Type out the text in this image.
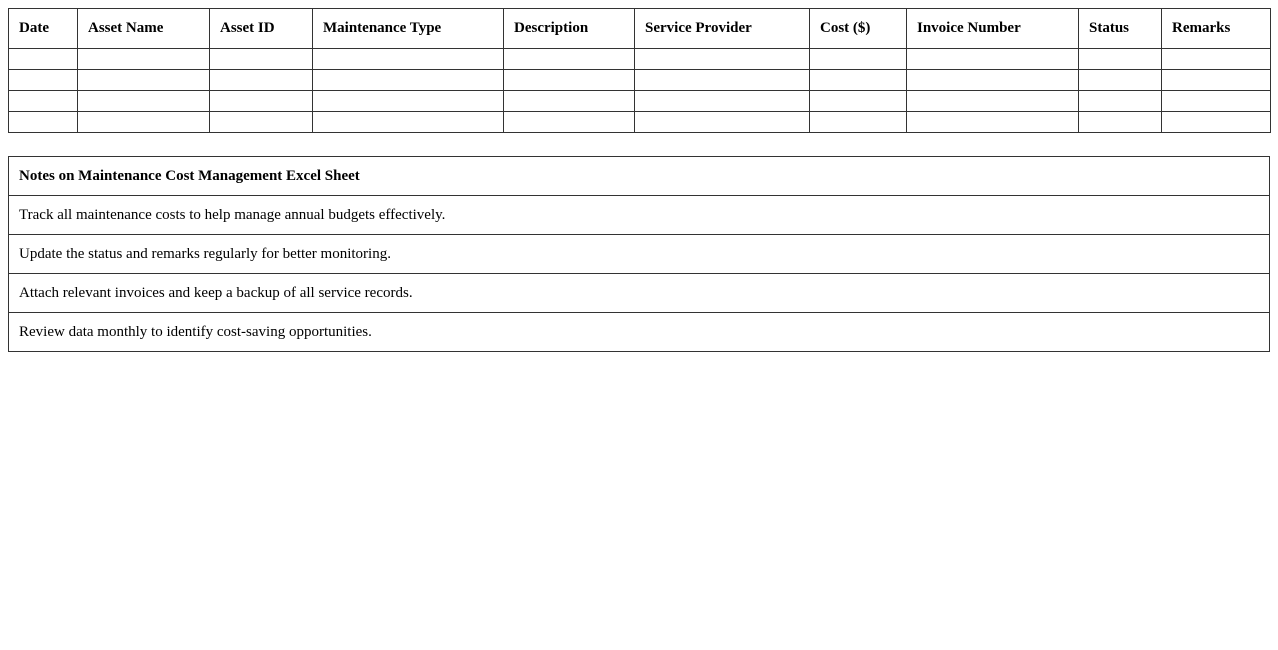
Date	Asset Name	Asset ID	Maintenance Type	Description	Service Provider	Cost ($)	Invoice Number	Status	Remarks

Notes on Maintenance Cost Management Excel Sheet
Track all maintenance costs to help manage annual budgets effectively.
Update the status and remarks regularly for better monitoring.
Attach relevant invoices and keep a backup of all service records.
Review data monthly to identify cost-saving opportunities.
